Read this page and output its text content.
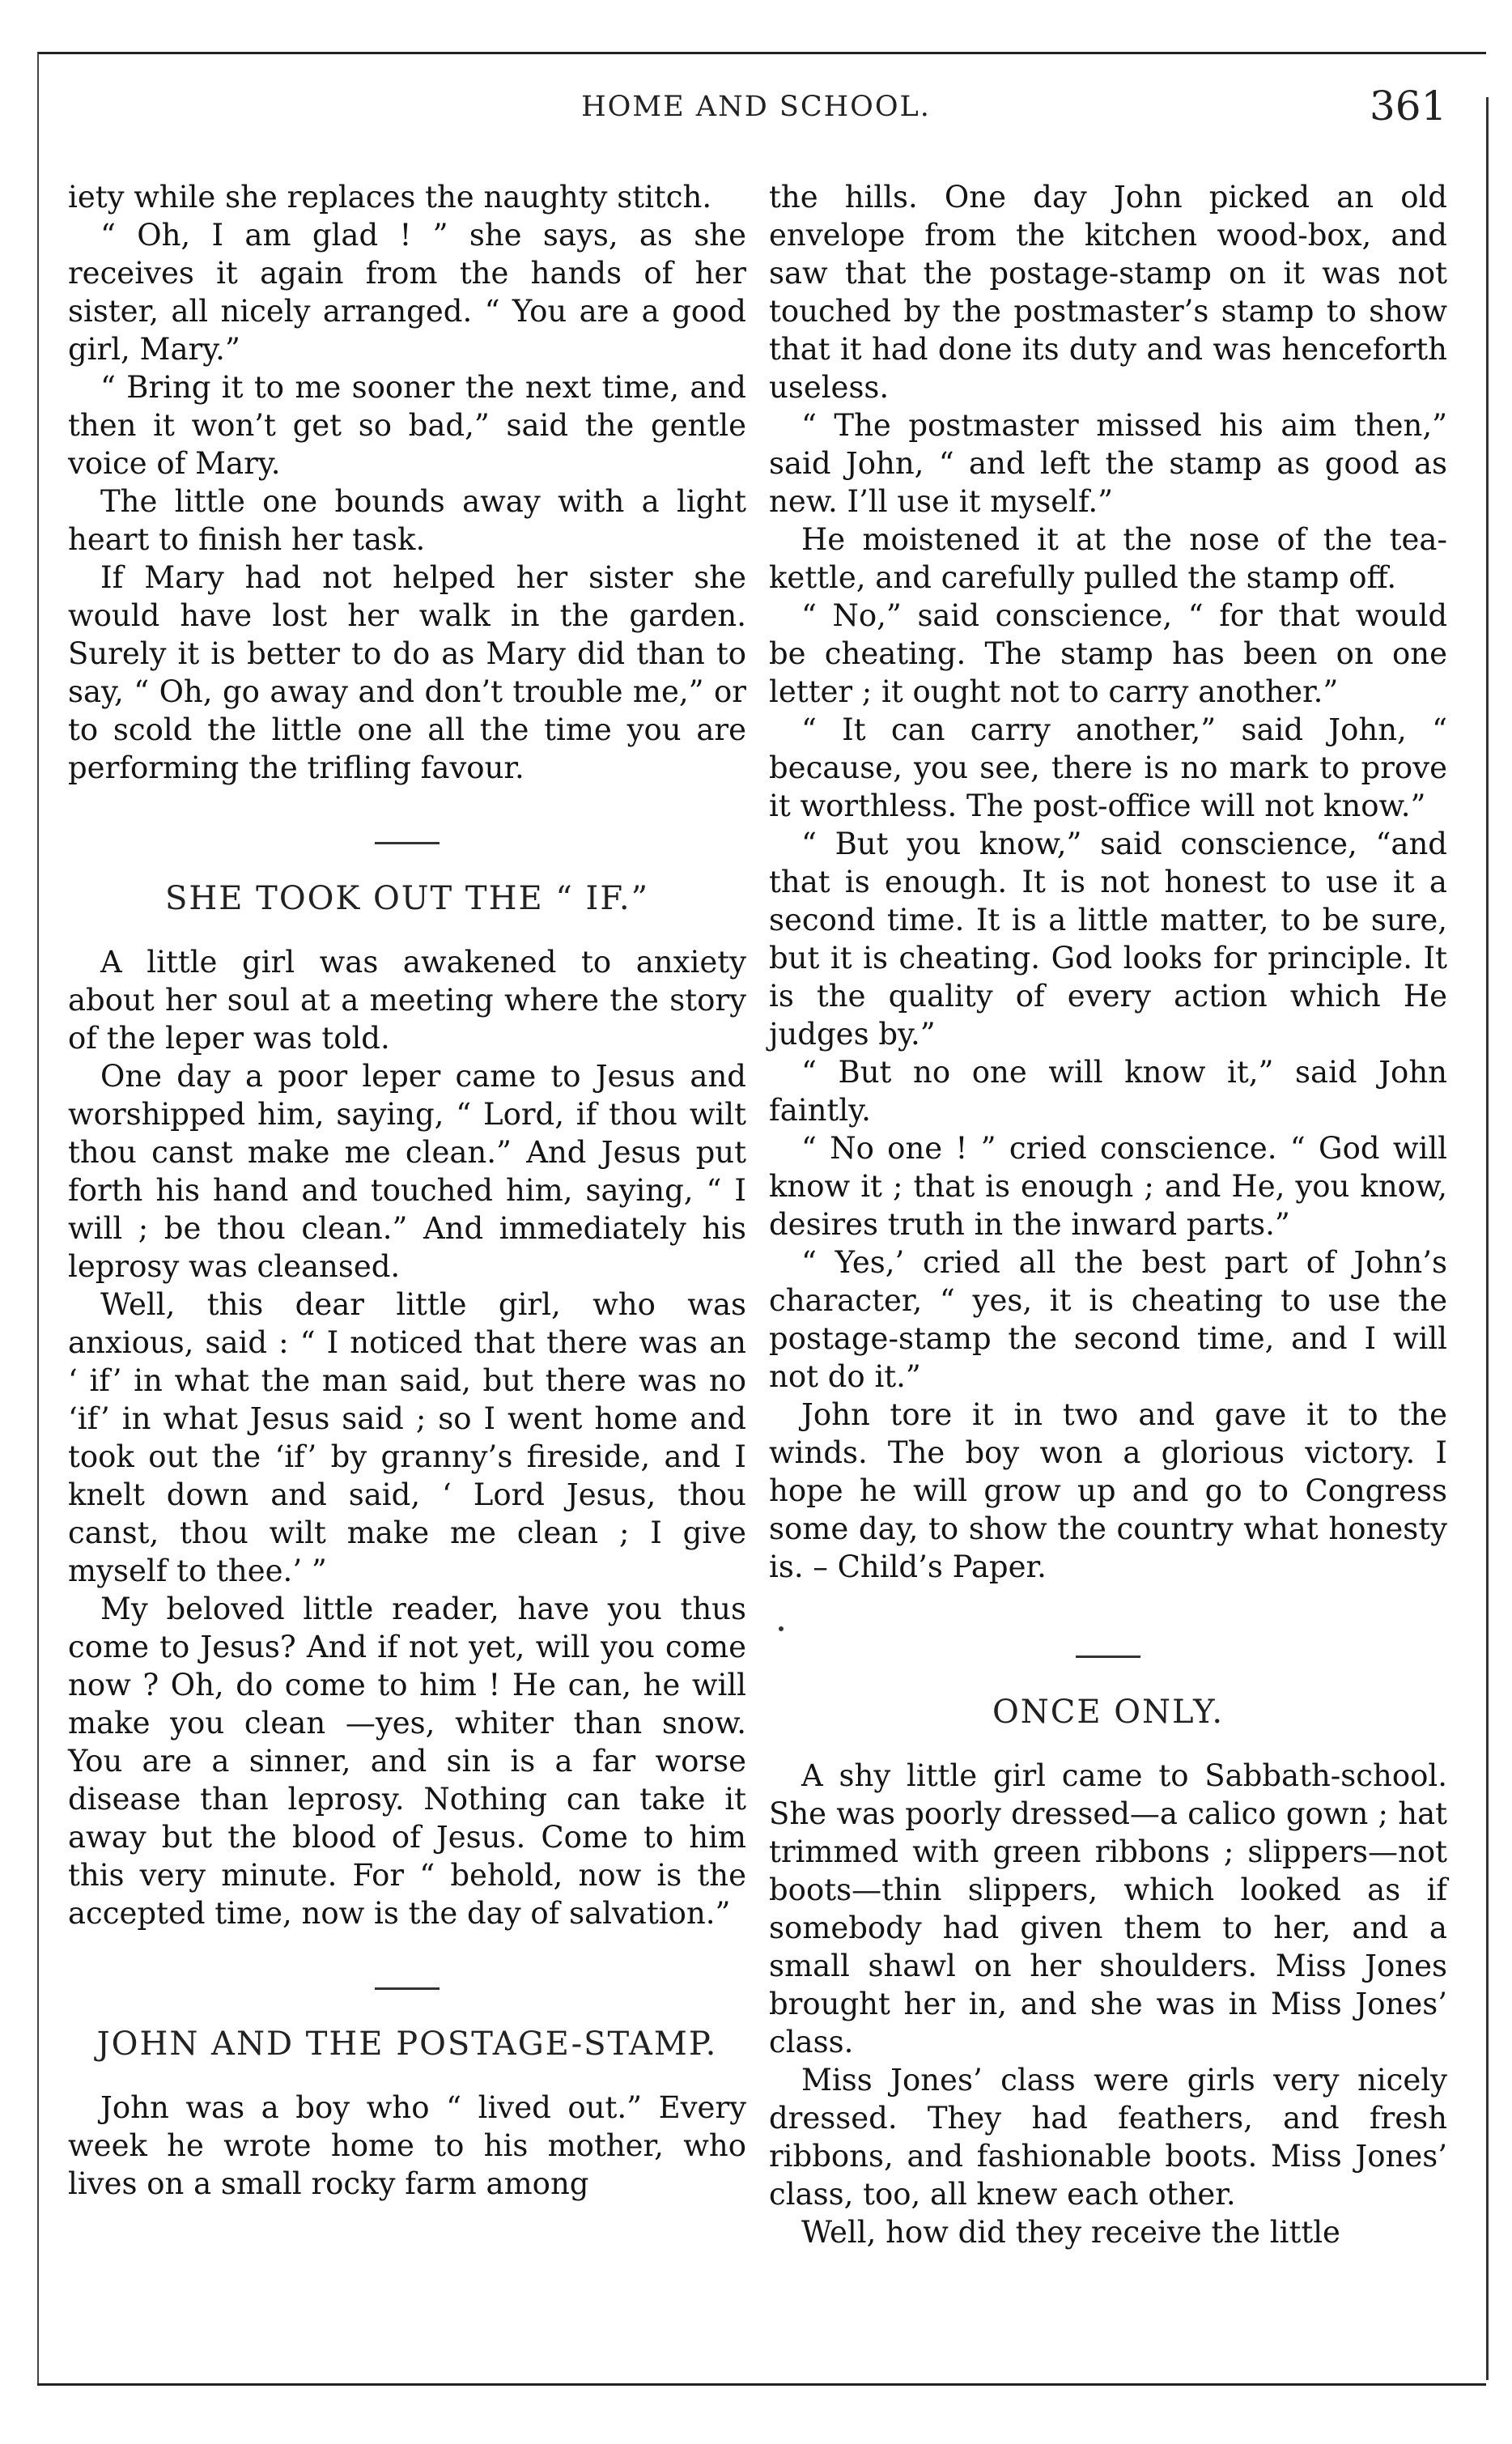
HOME AND SCHOOL.	361

iety while she replaces the naughty stitch.

“ Oh, I am glad ! ” she says, as she receives it again from the hands of her sister, all nicely arranged. “ You are a good girl, Mary.”

“ Bring it to me sooner the next time, and then it won’t get so bad,” said the gentle voice of Mary.

The little one bounds away with a light heart to finish her task.

If Mary had not helped her sister she would have lost her walk in the garden. Surely it is better to do as Mary did than to say, “ Oh, go away and don’t trouble me,” or to scold the little one all the time you are performing the trifling favour.

SHE TOOK OUT THE “ IF.”

A little girl was awakened to anxiety about her soul at a meeting where the story of the leper was told.

One day a poor leper came to Jesus and worshipped him, saying, “ Lord, if thou wilt thou canst make me clean.” And Jesus put forth his hand and touched him, saying, “ I will ; be thou clean.” And immediately his leprosy was cleansed.

Well, this dear little girl, who was anxious, said : “ I noticed that there was an ‘ if’ in what the man said, but there was no ‘if’ in what Jesus said ; so I went home and took out the ‘if’ by granny’s fireside, and I knelt down and said, ‘ Lord Jesus, thou canst, thou wilt make me clean ; I give myself to thee.’ ”

My beloved little reader, have you thus come to Jesus? And if not yet, will you come now ? Oh, do come to him ! He can, he will make you clean —yes, whiter than snow. You are a sinner, and sin is a far worse disease than leprosy. Nothing can take it away but the blood of Jesus. Come to him this very minute. For “ behold, now is the accepted time, now is the day of salvation.”

JOHN AND THE POSTAGE-STAMP.

John was a boy who “ lived out.” Every week he wrote home to his mother, who lives on a small rocky farm among

the hills. One day John picked an old envelope from the kitchen wood-box, and saw that the postage-stamp on it was not touched by the postmaster’s stamp to show that it had done its duty and was henceforth useless.

“ The postmaster missed his aim then,” said John, “ and left the stamp as good as new. I’ll use it myself.”

He moistened it at the nose of the tea-kettle, and carefully pulled the stamp off.

“ No,” said conscience, “ for that would be cheating. The stamp has been on one letter ; it ought not to carry another.”

“ It can carry another,” said John, “ because, you see, there is no mark to prove it worthless. The post-office will not know.”

“ But you know,” said conscience, “and that is enough. It is not honest to use it a second time. It is a little matter, to be sure, but it is cheating. God looks for principle. It is the quality of every action which He judges by.”

“ But no one will know it,” said John faintly.

“ No one ! ” cried conscience. “ God will know it ; that is enough ; and He, you know, desires truth in the inward parts.”

“ Yes,’ cried all the best part of John’s character, “ yes, it is cheating to use the postage-stamp the second time, and I will not do it.”

John tore it in two and gave it to the winds. The boy won a glorious victory. I hope he will grow up and go to Congress some day, to show the country what honesty is. – Child’s Paper.

ONCE ONLY.

A shy little girl came to Sabbath-school. She was poorly dressed—a calico gown ; hat trimmed with green ribbons ; slippers—not boots—thin slippers, which looked as if somebody had given them to her, and a small shawl on her shoulders. Miss Jones brought her in, and she was in Miss Jones’ class.

Miss Jones’ class were girls very nicely dressed. They had feathers, and fresh ribbons, and fashionable boots. Miss Jones’ class, too, all knew each other.

Well, how did they receive the little
